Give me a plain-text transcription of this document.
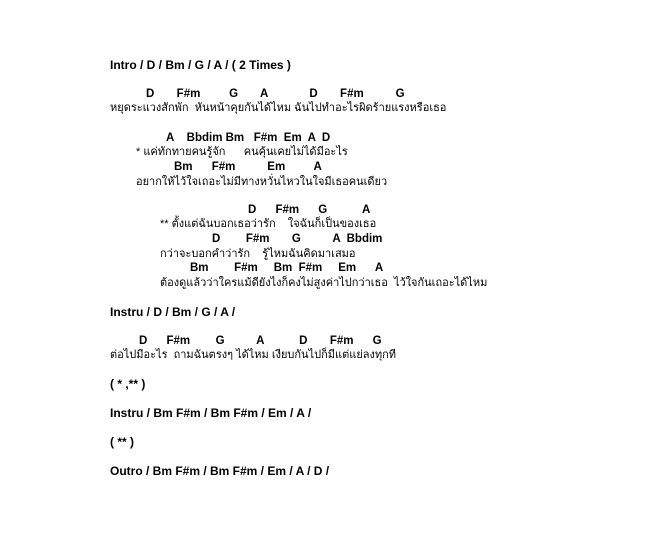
Intro / D / Bm / G / A / ( 2 Times )
D       F#m         G       A             D       F#m          G
หยุดระแวงสักพัก  หันหน้าคุยกันได้ไหม ฉันไปทำอะไรผิดร้ายแรงหรือเธอ
A    Bbdim Bm   F#m  Em  A  D
* แค่ทักทายคนรู้จัก      คนคุ้นเคยไม่ได้มีอะไร
Bm      F#m          Em         A
อยากให้ไว้ใจเถอะไม่มีทางหวั่นไหวในใจมีเธอคนเดียว
D      F#m      G           A
** ตั้งแต่ฉันบอกเธอว่ารัก    ใจฉันก็เป็นของเธอ
D        F#m       G          A  Bbdim
กว่าจะบอกคำว่ารัก    รู้ไหมฉันคิดมาเสมอ
Bm        F#m     Bm  F#m     Em      A
ต้องดูแล้วว่าใครแม้ดียังไงก็คงไม่สูงค่าไปกว่าเธอ  ไว้ใจกันเถอะได้ไหม
Instru / D / Bm / G / A /
D      F#m        G          A           D       F#m      G
ต่อไปมีอะไร  ถามฉันตรงๆ ได้ไหม เงียบกันไปก็มีแต่แย่ลงทุกที
( * ,** )
Instru / Bm F#m / Bm F#m / Em / A /
( ** )
Outro / Bm F#m / Bm F#m / Em / A / D /
